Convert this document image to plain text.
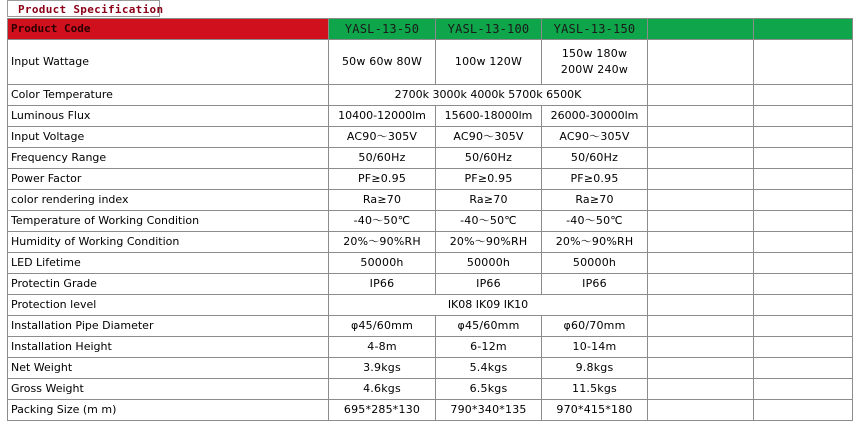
Product Specification
Product Code	YASL-13-50	YASL-13-100	YASL-13-150		
Input Wattage	50w 60w 80W	100w 120W	150w 180w
200W 240w		

Color Temperature	2700k 3000k 4000k 5700k 6500K				
Luminous Flux	10400-12000lm	15600-18000lm	26000-30000lm		
Input Voltage	AC90～305V	AC90～305V	AC90～305V		
Frequency Range	50/60Hz	50/60Hz	50/60Hz		
Power Factor	PF≥0.95	PF≥0.95	PF≥0.95		
color rendering index	Ra≥70	Ra≥70	Ra≥70		
Temperature of Working Condition	-40～50℃	-40～50℃	-40～50℃		
Humidity of Working Condition	20%～90%RH	20%～90%RH	20%～90%RH		
LED Lifetime	50000h	50000h	50000h		
Protectin Grade	IP66	IP66	IP66		
Protection level	IK08 IK09 IK10				
Installation Pipe Diameter	φ45/60mm	φ45/60mm	φ60/70mm		
Installation Height	4-8m	6-12m	10-14m		
Net Weight	3.9kgs	5.4kgs	9.8kgs		
Gross Weight	4.6kgs	6.5kgs	11.5kgs		
Packing Size (m m)	695*285*130	790*340*135	970*415*180		
